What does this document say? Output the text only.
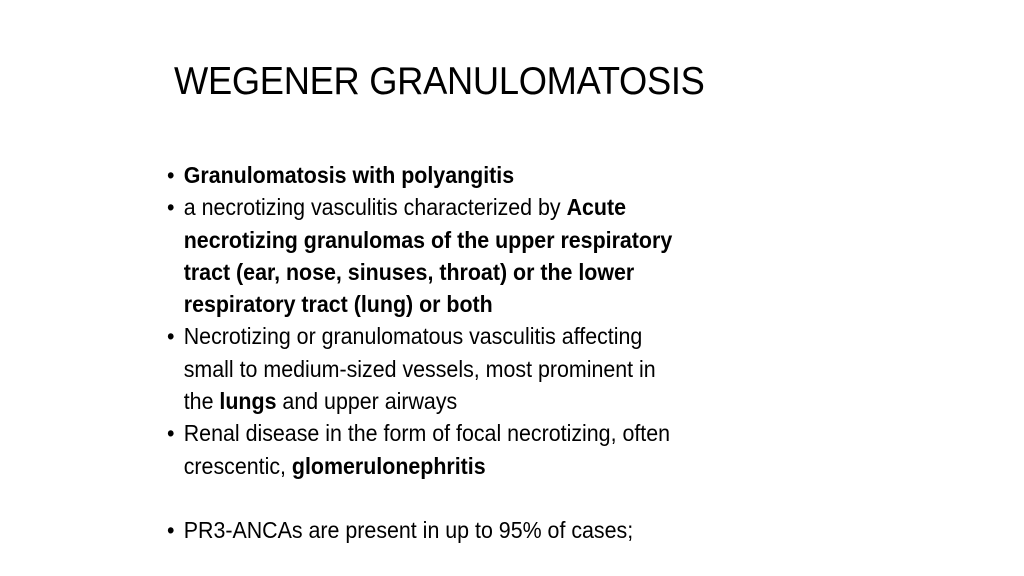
WEGENER GRANULOMATOSIS
• Granulomatosis with polyangitis
• a necrotizing vasculitis characterized by Acute
necrotizing granulomas of the upper respiratory
tract (ear, nose, sinuses, throat) or the lower
respiratory tract (lung) or both
• Necrotizing or granulomatous vasculitis affecting
small to medium-sized vessels, most prominent in
the lungs and upper airways
• Renal disease in the form of focal necrotizing, often
crescentic, glomerulonephritis
• PR3-ANCAs are present in up to 95% of cases;
